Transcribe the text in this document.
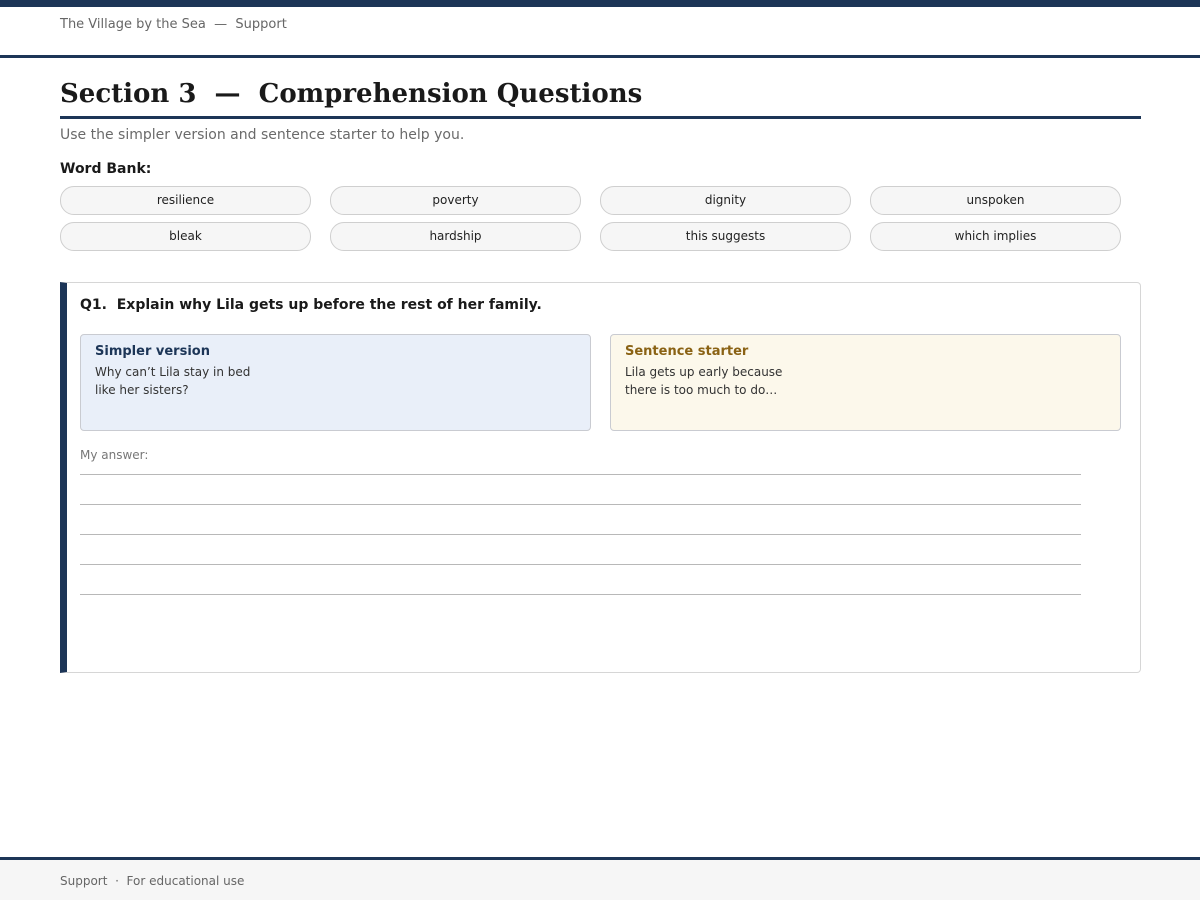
The Village by the Sea — Support
Section 3  —  Comprehension Questions
Use the simpler version and sentence starter to help you.
Word Bank:
resilience	poverty	dignity	unspoken
bleak	hardship	this suggests	which implies
Q1. Explain why Lila gets up before the rest of her family.
Simpler version
Why can’t Lila stay in bed
like her sisters?
Sentence starter
Lila gets up early because
there is too much to do…
My answer:
Support · For educational use
